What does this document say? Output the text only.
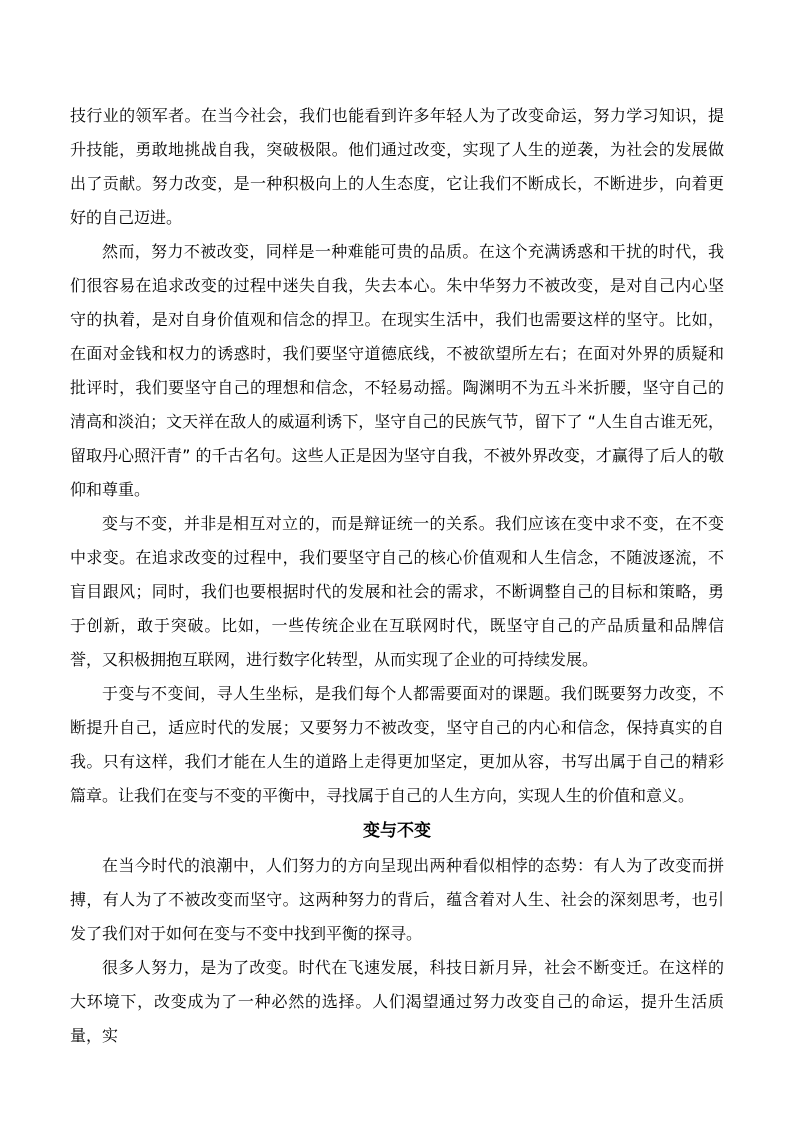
技行业的领军者。在当今社会，我们也能看到许多年轻人为了改变命运，努力学习知识，提升技能，勇敢地挑战自我，突破极限。他们通过改变，实现了人生的逆袭，为社会的发展做出了贡献。努力改变，是一种积极向上的人生态度，它让我们不断成长，不断进步，向着更好的自己迈进。

然而，努力不被改变，同样是一种难能可贵的品质。在这个充满诱惑和干扰的时代，我们很容易在追求改变的过程中迷失自我，失去本心。朱中华努力不被改变，是对自己内心坚守的执着，是对自身价值观和信念的捍卫。在现实生活中，我们也需要这样的坚守。比如，在面对金钱和权力的诱惑时，我们要坚守道德底线，不被欲望所左右；在面对外界的质疑和批评时，我们要坚守自己的理想和信念，不轻易动摇。陶渊明不为五斗米折腰，坚守自己的清高和淡泊；文天祥在敌人的威逼利诱下，坚守自己的民族气节，留下了 “人生自古谁无死，留取丹心照汗青” 的千古名句。这些人正是因为坚守自我，不被外界改变，才赢得了后人的敬仰和尊重。

变与不变，并非是相互对立的，而是辩证统一的关系。我们应该在变中求不变，在不变中求变。在追求改变的过程中，我们要坚守自己的核心价值观和人生信念，不随波逐流，不盲目跟风；同时，我们也要根据时代的发展和社会的需求，不断调整自己的目标和策略，勇于创新，敢于突破。比如，一些传统企业在互联网时代，既坚守自己的产品质量和品牌信誉，又积极拥抱互联网，进行数字化转型，从而实现了企业的可持续发展。

于变与不变间，寻人生坐标，是我们每个人都需要面对的课题。我们既要努力改变，不断提升自己，适应时代的发展；又要努力不被改变，坚守自己的内心和信念，保持真实的自我。只有这样，我们才能在人生的道路上走得更加坚定，更加从容，书写出属于自己的精彩篇章。让我们在变与不变的平衡中，寻找属于自己的人生方向，实现人生的价值和意义。

变与不变

在当今时代的浪潮中，人们努力的方向呈现出两种看似相悖的态势：有人为了改变而拼搏，有人为了不被改变而坚守。这两种努力的背后，蕴含着对人生、社会的深刻思考，也引发了我们对于如何在变与不变中找到平衡的探寻。

很多人努力，是为了改变。时代在飞速发展，科技日新月异，社会不断变迁。在这样的大环境下，改变成为了一种必然的选择。人们渴望通过努力改变自己的命运，提升生活质量，实
